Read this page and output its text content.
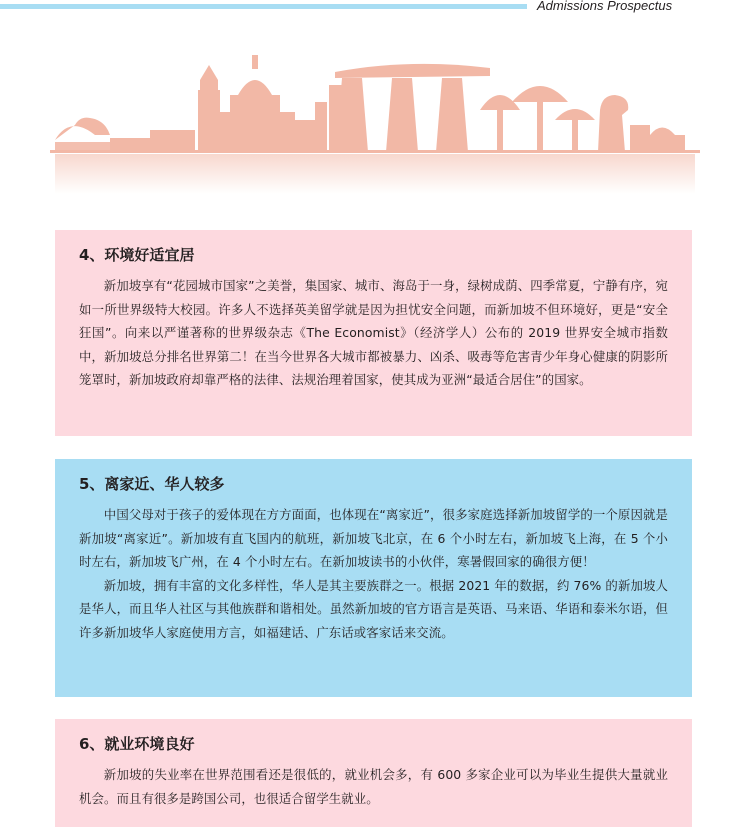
Admissions Prospectus
4、环境好适宜居

新加坡享有“花园城市国家”之美誉，集国家、城市、海岛于一身，绿树成荫、四季常夏，宁静有序，宛如一所世界级特大校园。许多人不选择英美留学就是因为担忧安全问题，而新加坡不但环境好，更是“安全狂国”。向来以严谨著称的世界级杂志《The Economist》（经济学人）公布的 2019 世界安全城市指数中，新加坡总分排名世界第二！在当今世界各大城市都被暴力、凶杀、吸毒等危害青少年身心健康的阴影所笼罩时，新加坡政府却靠严格的法律、法规治理着国家，使其成为亚洲“最适合居住”的国家。

5、离家近、华人较多

中国父母对于孩子的爱体现在方方面面，也体现在“离家近”，很多家庭选择新加坡留学的一个原因就是新加坡“离家近”。新加坡有直飞国内的航班，新加坡飞北京，在 6 个小时左右，新加坡飞上海，在 5 个小时左右，新加坡飞广州，在 4 个小时左右。在新加坡读书的小伙伴，寒暑假回家的确很方便！

新加坡，拥有丰富的文化多样性，华人是其主要族群之一。根据 2021 年的数据，约 76% 的新加坡人是华人，而且华人社区与其他族群和谐相处。虽然新加坡的官方语言是英语、马来语、华语和泰米尔语，但许多新加坡华人家庭使用方言，如福建话、广东话或客家话来交流。

6、就业环境良好

新加坡的失业率在世界范围看还是很低的，就业机会多，有 600 多家企业可以为毕业生提供大量就业机会。而且有很多是跨国公司，也很适合留学生就业。
